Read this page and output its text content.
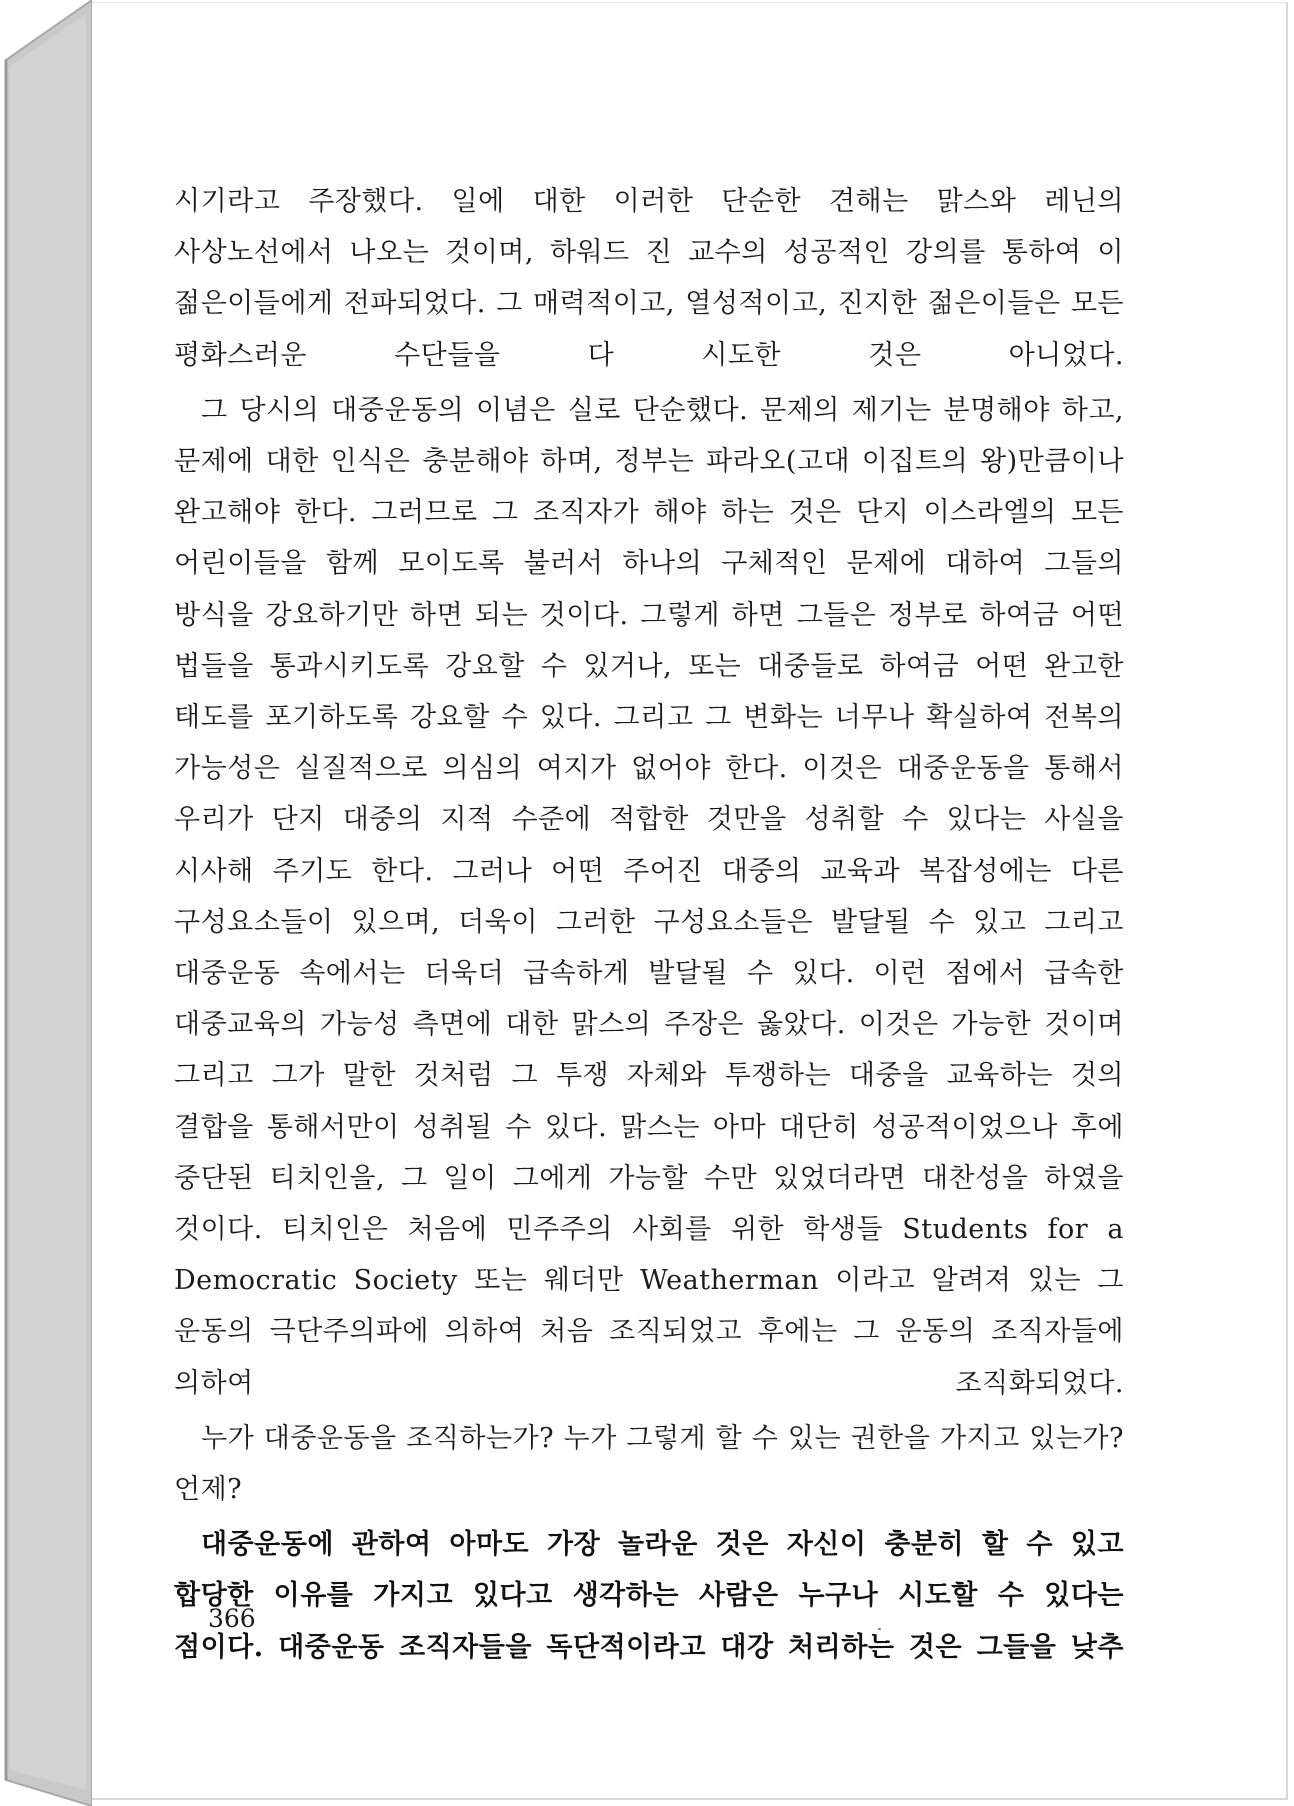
시기라고 주장했다. 일에 대한 이러한 단순한 견해는 맑스와 레닌의 사상노선에서 나오는 것이며, 하워드 진 교수의 성공적인 강의를 통하여 이 젊은이들에게 전파되었다. 그 매력적이고, 열성적이고, 진지한 젊은이들은 모든 평화스러운 수단들을 다 시도한 것은 아니었다.

그 당시의 대중운동의 이념은 실로 단순했다. 문제의 제기는 분명해야 하고, 문제에 대한 인식은 충분해야 하며, 정부는 파라오(고대 이집트의 왕)만큼이나 완고해야 한다. 그러므로 그 조직자가 해야 하는 것은 단지 이스라엘의 모든 어린이들을 함께 모이도록 불러서 하나의 구체적인 문제에 대하여 그들의 방식을 강요하기만 하면 되는 것이다. 그렇게 하면 그들은 정부로 하여금 어떤 법들을 통과시키도록 강요할 수 있거나, 또는 대중들로 하여금 어떤 완고한 태도를 포기하도록 강요할 수 있다. 그리고 그 변화는 너무나 확실하여 전복의 가능성은 실질적으로 의심의 여지가 없어야 한다. 이것은 대중운동을 통해서 우리가 단지 대중의 지적 수준에 적합한 것만을 성취할 수 있다는 사실을 시사해 주기도 한다. 그러나 어떤 주어진 대중의 교육과 복잡성에는 다른 구성요소들이 있으며, 더욱이 그러한 구성요소들은 발달될 수 있고 그리고 대중운동 속에서는 더욱더 급속하게 발달될 수 있다. 이런 점에서 급속한 대중교육의 가능성 측면에 대한 맑스의 주장은 옳았다. 이것은 가능한 것이며 그리고 그가 말한 것처럼 그 투쟁 자체와 투쟁하는 대중을 교육하는 것의 결합을 통해서만이 성취될 수 있다. 맑스는 아마 대단히 성공적이었으나 후에 중단된 티치인을, 그 일이 그에게 가능할 수만 있었더라면 대찬성을 하였을 것이다. 티치인은 처음에 민주주의 사회를 위한 학생들 Students for a Democratic Society 또는 웨더만 Weatherman 이라고 알려져 있는 그 운동의 극단주의파에 의하여 처음 조직되었고 후에는 그 운동의 조직자들에 의하여 조직화되었다.

누가 대중운동을 조직하는가? 누가 그렇게 할 수 있는 권한을 가지고 있는가? 언제?

대중운동에 관하여 아마도 가장 놀라운 것은 자신이 충분히 할 수 있고 합당한 이유를 가지고 있다고 생각하는 사람은 누구나 시도할 수 있다는 점이다. 대중운동 조직자들을 독단적이라고 대강 처리하는 것은 그들을 낮추

366
